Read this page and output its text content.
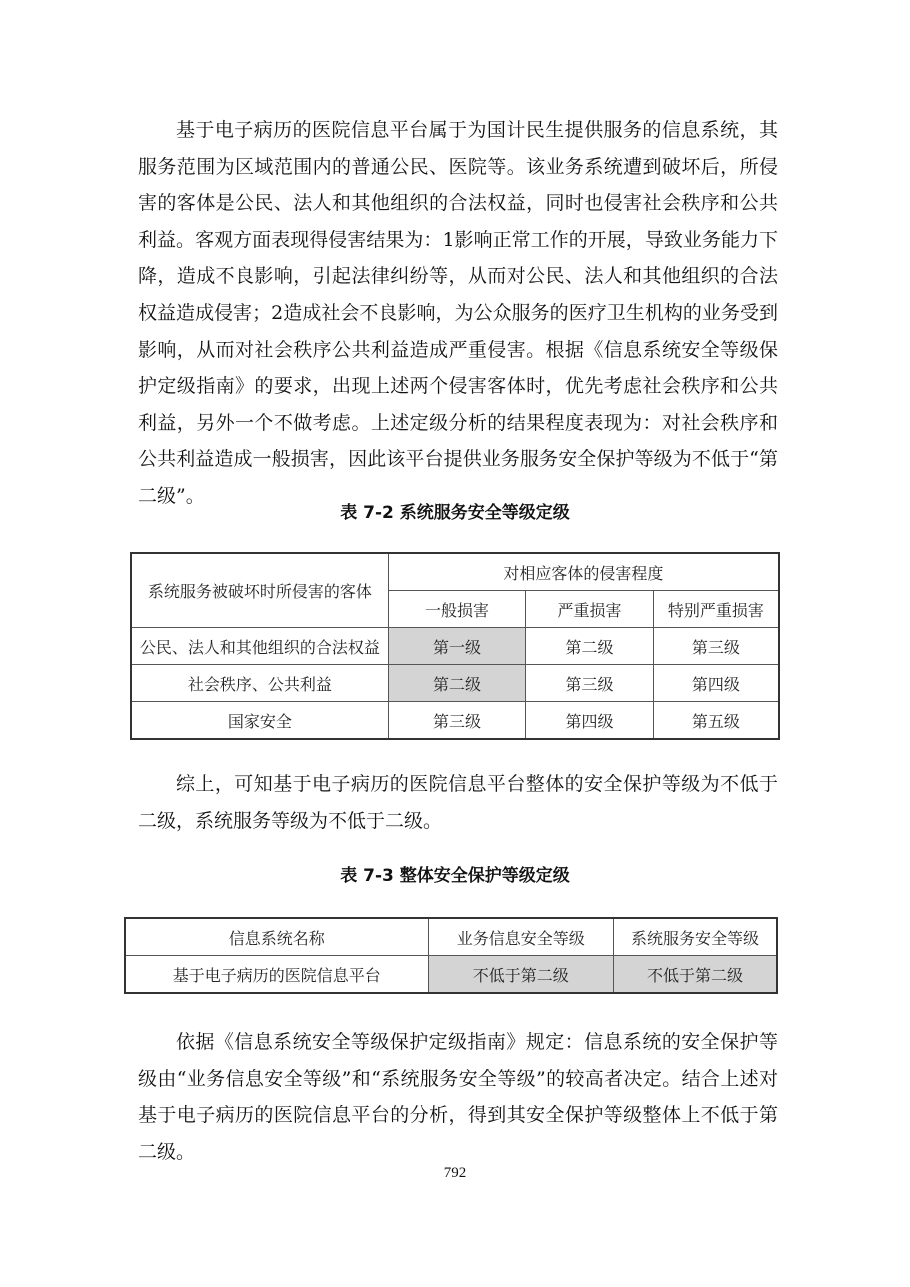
基于电子病历的医院信息平台属于为国计民生提供服务的信息系统，其服务范围为区域范围内的普通公民、医院等。该业务系统遭到破坏后，所侵害的客体是公民、法人和其他组织的合法权益，同时也侵害社会秩序和公共利益。客观方面表现得侵害结果为：1影响正常工作的开展，导致业务能力下降，造成不良影响，引起法律纠纷等，从而对公民、法人和其他组织的合法权益造成侵害；2造成社会不良影响，为公众服务的医疗卫生机构的业务受到影响，从而对社会秩序公共利益造成严重侵害。根据《信息系统安全等级保护定级指南》的要求，出现上述两个侵害客体时，优先考虑社会秩序和公共利益，另外一个不做考虑。上述定级分析的结果程度表现为：对社会秩序和公共利益造成一般损害，因此该平台提供业务服务安全保护等级为不低于“第二级”。

表 7-2 系统服务安全等级定级

系统服务被破坏时所侵害的客体	对相应客体的侵害程度		
	一般损害	严重损害	特别严重损害
公民、法人和其他组织的合法权益	第一级	第二级	第三级
社会秩序、公共利益	第二级	第三级	第四级
国家安全	第三级	第四级	第五级

综上，可知基于电子病历的医院信息平台整体的安全保护等级为不低于二级，系统服务等级为不低于二级。

表 7-3 整体安全保护等级定级

信息系统名称	业务信息安全等级	系统服务安全等级
基于电子病历的医院信息平台	不低于第二级	不低于第二级

依据《信息系统安全等级保护定级指南》规定：信息系统的安全保护等级由“业务信息安全等级”和“系统服务安全等级”的较高者决定。结合上述对基于电子病历的医院信息平台的分析，得到其安全保护等级整体上不低于第二级。

792
